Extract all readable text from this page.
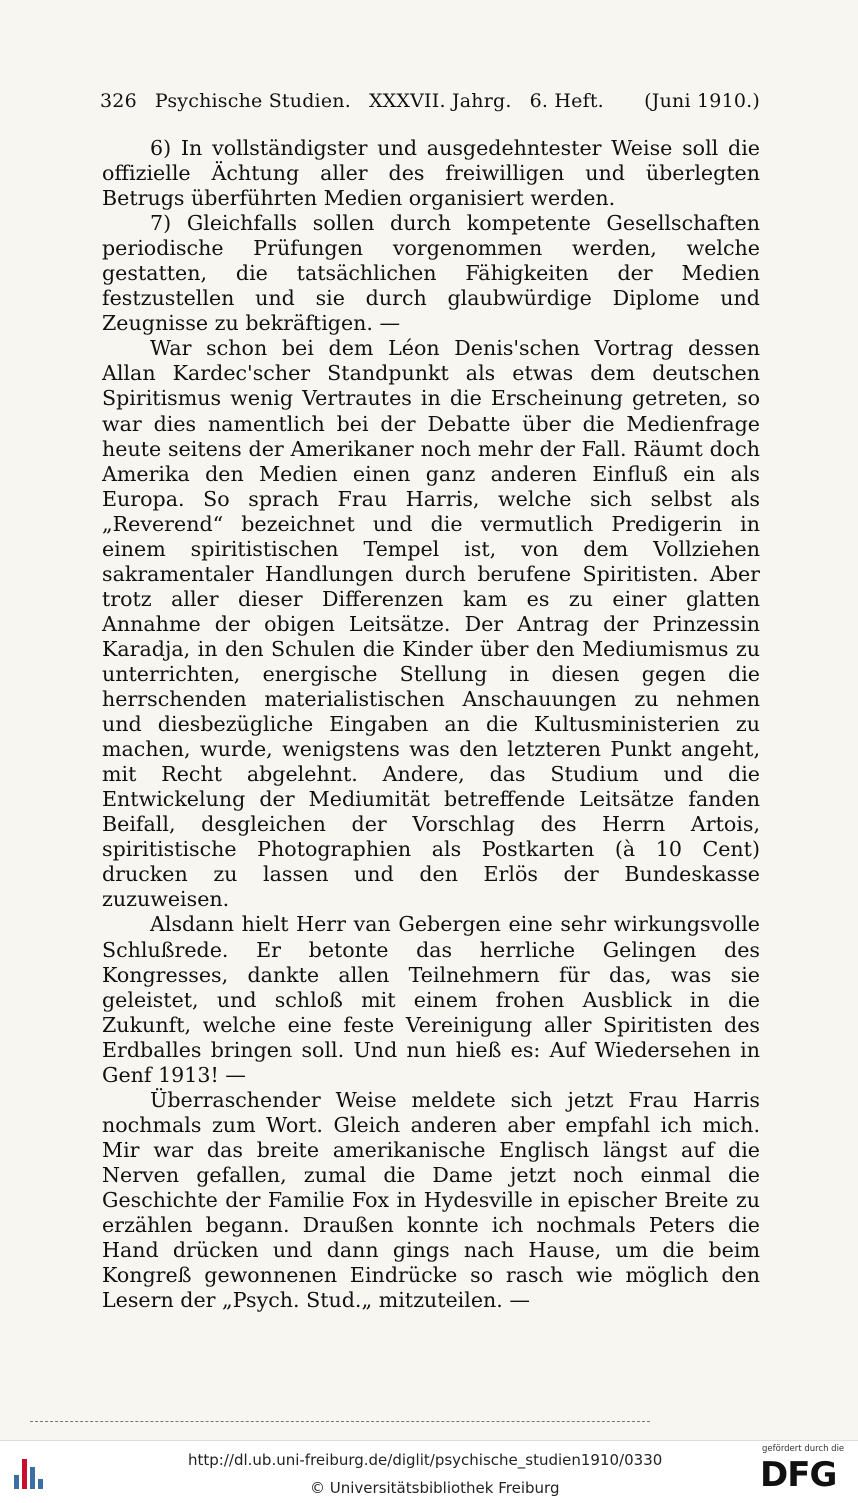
326 Psychische Studien. XXXVII. Jahrg. 6. Heft. (Juni 1910.)

6) In vollständigster und ausgedehntester Weise soll die offizielle Ächtung aller des freiwilligen und überlegten Betrugs überführten Medien organisiert werden.

7) Gleichfalls sollen durch kompetente Gesellschaften periodische Prüfungen vorgenommen werden, welche gestatten, die tatsächlichen Fähigkeiten der Medien festzustellen und sie durch glaubwürdige Diplome und Zeugnisse zu bekräftigen. —

War schon bei dem Léon Denis'schen Vortrag dessen Allan Kardec'scher Standpunkt als etwas dem deutschen Spiritismus wenig Vertrautes in die Erscheinung getreten, so war dies namentlich bei der Debatte über die Medienfrage heute seitens der Amerikaner noch mehr der Fall. Räumt doch Amerika den Medien einen ganz anderen Einfluß ein als Europa. So sprach Frau Harris, welche sich selbst als „Reverend“ bezeichnet und die vermutlich Predigerin in einem spiritistischen Tempel ist, von dem Vollziehen sakramentaler Handlungen durch berufene Spiritisten. Aber trotz aller dieser Differenzen kam es zu einer glatten Annahme der obigen Leitsätze. Der Antrag der Prinzessin Karadja, in den Schulen die Kinder über den Mediumismus zu unterrichten, energische Stellung in diesen gegen die herrschenden materialistischen Anschauungen zu nehmen und diesbezügliche Eingaben an die Kultusministerien zu machen, wurde, wenigstens was den letzteren Punkt angeht, mit Recht abgelehnt. Andere, das Studium und die Entwickelung der Mediumität betreffende Leitsätze fanden Beifall, desgleichen der Vorschlag des Herrn Artois, spiritistische Photographien als Postkarten (à 10 Cent) drucken zu lassen und den Erlös der Bundeskasse zuzuweisen.

Alsdann hielt Herr van Gebergen eine sehr wirkungsvolle Schlußrede. Er betonte das herrliche Gelingen des Kongresses, dankte allen Teilnehmern für das, was sie geleistet, und schloß mit einem frohen Ausblick in die Zukunft, welche eine feste Vereinigung aller Spiritisten des Erdballes bringen soll. Und nun hieß es: Auf Wiedersehen in Genf 1913! —

Überraschender Weise meldete sich jetzt Frau Harris nochmals zum Wort. Gleich anderen aber empfahl ich mich. Mir war das breite amerikanische Englisch längst auf die Nerven gefallen, zumal die Dame jetzt noch einmal die Geschichte der Familie Fox in Hydesville in epischer Breite zu erzählen begann. Draußen konnte ich nochmals Peters die Hand drücken und dann gings nach Hause, um die beim Kongreß gewonnenen Eindrücke so rasch wie möglich den Lesern der „Psych. Stud.„ mitzuteilen. —

http://dl.ub.uni-freiburg.de/diglit/psychische_studien1910/0330
© Universitätsbibliothek Freiburg
gefördert durch die
DFG
